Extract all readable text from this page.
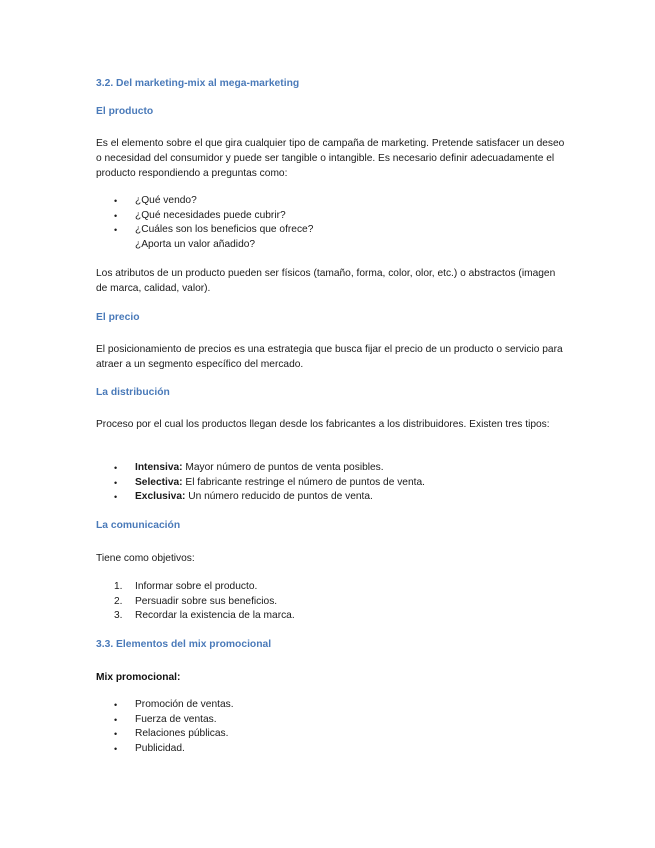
3.2. Del marketing-mix al mega-marketing
El producto

Es el elemento sobre el que gira cualquier tipo de campaña de marketing. Pretende satisfacer un deseo o necesidad del consumidor y puede ser tangible o intangible. Es necesario definir adecuadamente el producto respondiendo a preguntas como:

•	¿Qué vendo?
•	¿Qué necesidades puede cubrir?
•	¿Cuáles son los beneficios que ofrece?
¿Aporta un valor añadido?

Los atributos de un producto pueden ser físicos (tamaño, forma, color, olor, etc.) o abstractos (imagen de marca, calidad, valor).

El precio

El posicionamiento de precios es una estrategia que busca fijar el precio de un producto o servicio para atraer a un segmento específico del mercado.

La distribución

Proceso por el cual los productos llegan desde los fabricantes a los distribuidores. Existen tres tipos:

•	Intensiva: Mayor número de puntos de venta posibles.
•	Selectiva: El fabricante restringe el número de puntos de venta.
•	Exclusiva: Un número reducido de puntos de venta.
La comunicación

Tiene como objetivos:

1.	Informar sobre el producto.
2.	Persuadir sobre sus beneficios.
3.	Recordar la existencia de la marca.
3.3. Elementos del mix promocional
Mix promocional:
•	Promoción de ventas.
•	Fuerza de ventas.
•	Relaciones públicas.
•	Publicidad.
